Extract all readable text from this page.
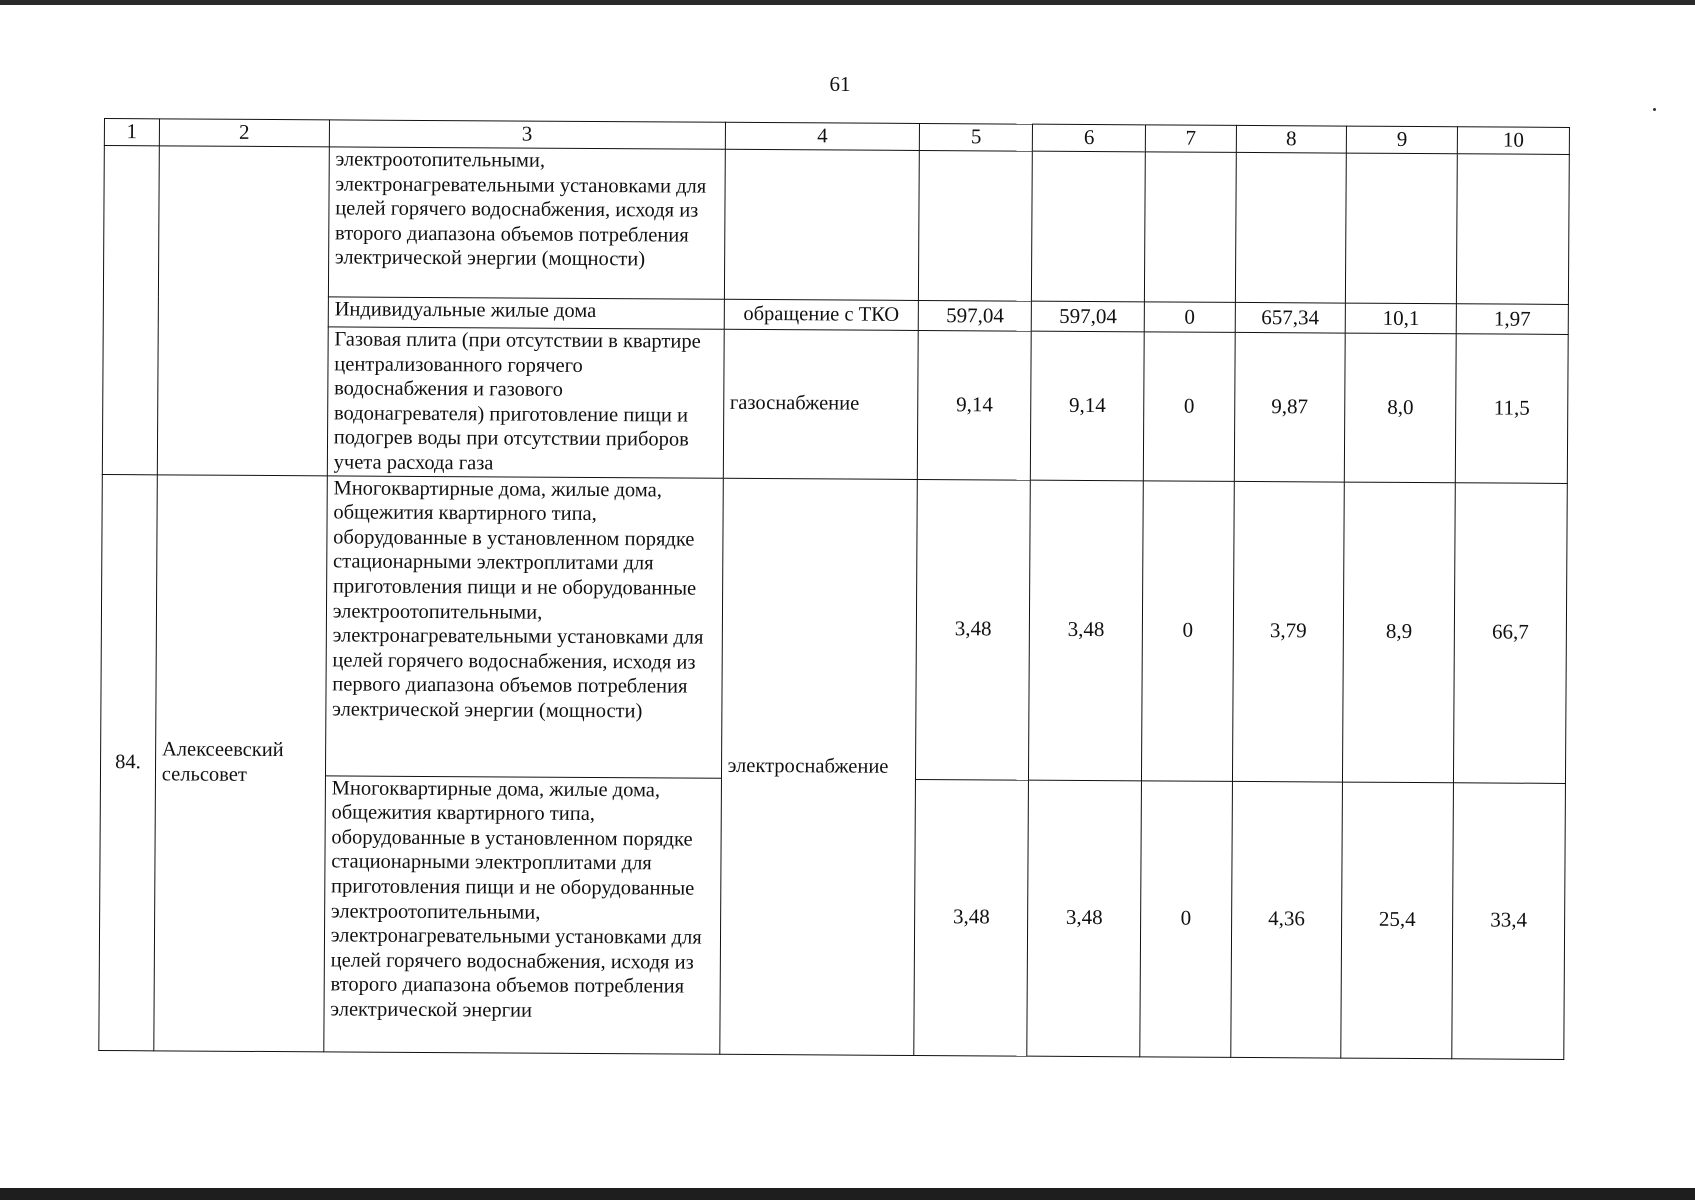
61
1	2	3	4	5	6	7	8	9	10
		электроотопительными, электронагревательными установками для целей горячего водоснабжения, исходя из второго диапазона объемов потребления электрической энергии (мощности)							
		Индивидуальные жилые дома	обращение с ТКО	597,04	597,04	0	657,34	10,1	1,97
		Газовая плита (при отсутствии в квартире централизованного горячего водоснабжения и газового водонагревателя) приготовление пищи и подогрев воды при отсутствии приборов учета расхода газа	газоснабжение	9,14	9,14	0	9,87	8,0	11,5
84.	Алексеевский сельсовет	Многоквартирные дома, жилые дома, общежития квартирного типа, оборудованные в установленном порядке стационарными электроплитами для приготовления пищи и не оборудованные электроотопительными, электронагревательными установками для целей горячего водоснабжения, исходя из первого диапазона объемов потребления электрической энергии (мощности)	электроснабжение	3,48	3,48	0	3,79	8,9	66,7
		Многоквартирные дома, жилые дома, общежития квартирного типа, оборудованные в установленном порядке стационарными электроплитами для приготовления пищи и не оборудованные электроотопительными, электронагревательными установками для целей горячего водоснабжения, исходя из второго диапазона объемов потребления электрической энергии		3,48	3,48	0	4,36	25,4	33,4
